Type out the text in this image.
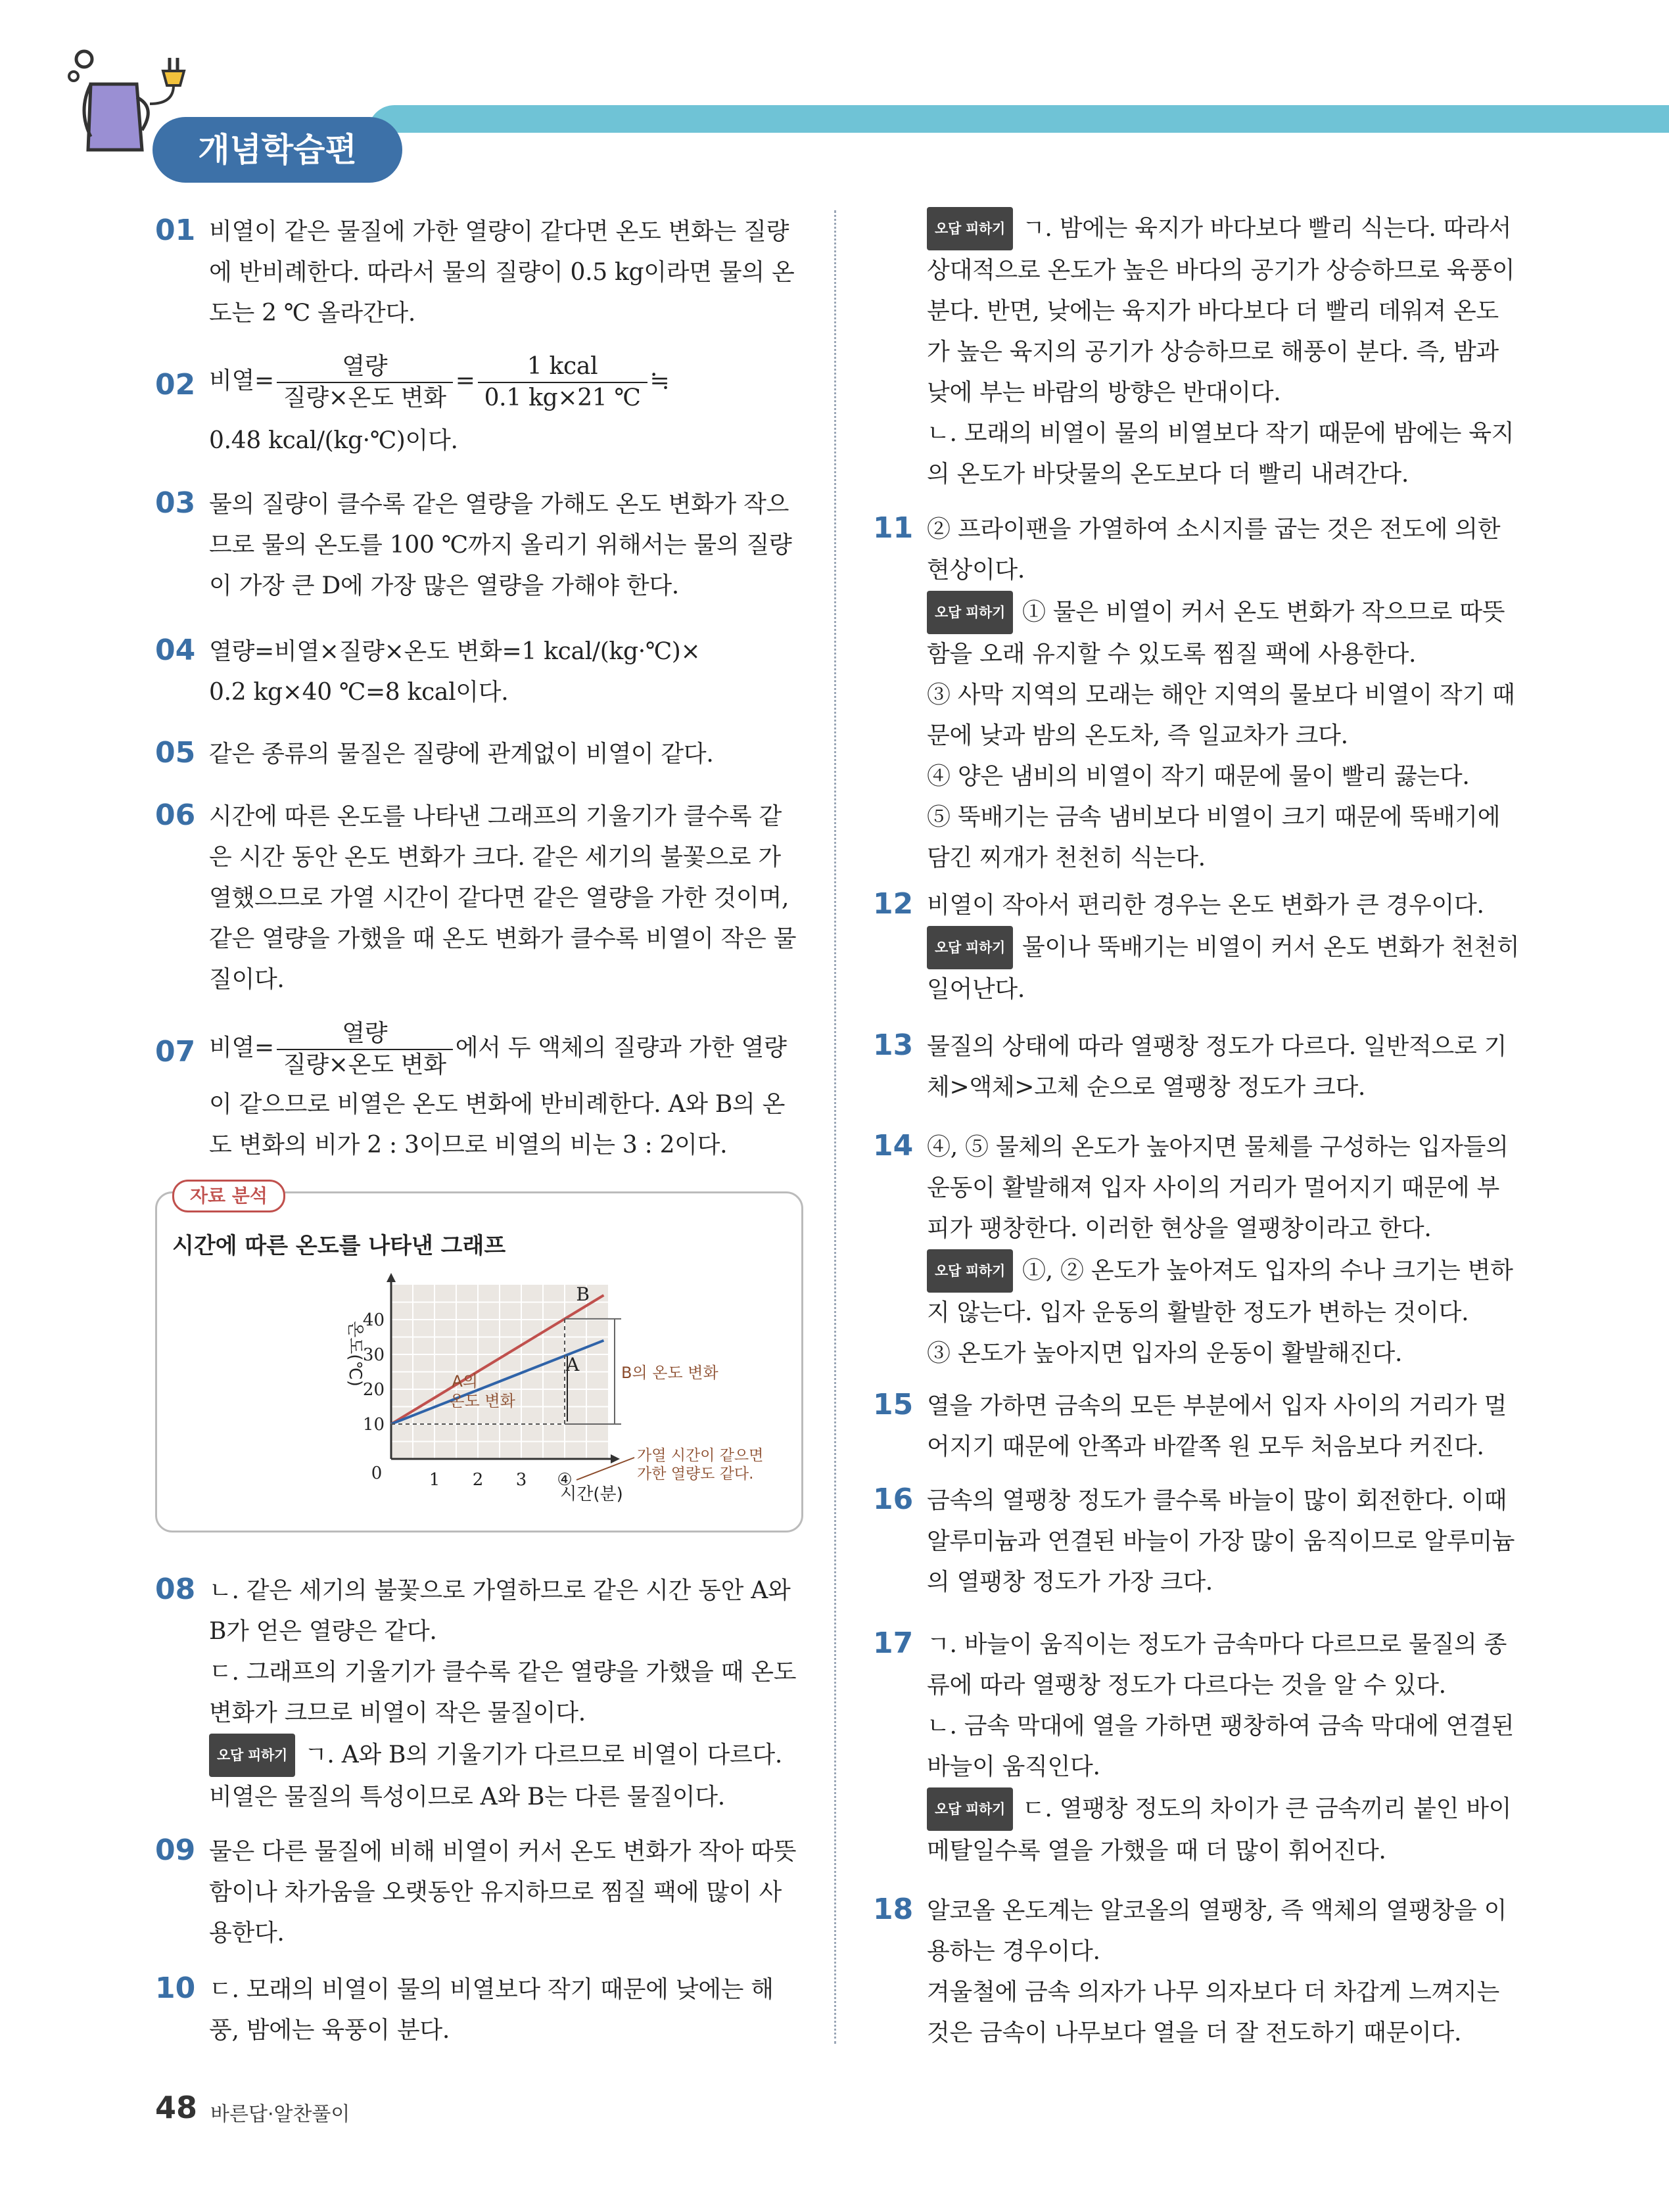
개념학습편
01 비열이 같은 물질에 가한 열량이 같다면 온도 변화는 질량
에 반비례한다. 따라서 물의 질량이 0.5 kg이라면 물의 온
도는 2 ℃ 올라간다.
02 비열= $\frac{\text{열량}}{\text{질량×온도 변화}} = \frac{\text{1 kcal}}{0.1 kg\times 21 ℃}$ ≒
0.48 kcal/(kg·℃)이다.
03 물의 질량이 클수록 같은 열량을 가해도 온도 변화가 작으
므로 물의 온도를 100 ℃까지 올리기 위해서는 물의 질량
이 가장 큰 D에 가장 많은 열량을 가해야 한다.
04 열량=비열×질량×온도 변화=1 kcal/(kg·℃)×
0.2 kg×40 ℃=8 kcal이다.
05 같은 종류의 물질은 질량에 관계없이 비열이 같다.
06 시간에 따른 온도를 나타낸 그래프의 기울기가 클수록 같
은 시간 동안 온도 변화가 크다. 같은 세기의 불꽃으로 가
열했으므로 가열 시간이 같다면 같은 열량을 가한 것이며,
같은 열량을 가했을 때 온도 변화가 클수록 비열이 작은 물
질이다.
07 비열= $\frac{\text{열량}}{\text{질량×온도 변화}}$ 에서 두 액체의 질량과 가한 열량
이 같으므로 비열은 온도 변화에 반비례한다. A와 B의 온
도 변화의 비가 2 : 3이므로 비열의 비는 3 : 2이다.
자료 분석
시간에 따른 온도를 나타낸 그래프
온도(℃)
10
20
30
40
0	1 2 3 ④
B
A	B의 온도 변화
A의
온도 변화
가열 시간이 같으면
가한 열량도 같다.
시간(분)
08 ㄴ. 같은 세기의 불꽃으로 가열하므로 같은 시간 동안 A와
B가 얻은 열량은 같다.
ㄷ. 그래프의 기울기가 클수록 같은 열량을 가했을 때 온도
변화가 크므로 비열이 작은 물질이다.
오답 피하기 ㄱ. A와 B의 기울기가 다르므로 비열이 다르다.
비열은 물질의 특성이므로 A와 B는 다른 물질이다.
09 물은 다른 물질에 비해 비열이 커서 온도 변화가 작아 따뜻
함이나 차가움을 오랫동안 유지하므로 찜질 팩에 많이 사
용한다.
10 ㄷ. 모래의 비열이 물의 비열보다 작기 때문에 낮에는 해
풍, 밤에는 육풍이 분다.
오답 피하기 ㄱ. 밤에는 육지가 바다보다 빨리 식는다. 따라서
상대적으로 온도가 높은 바다의 공기가 상승하므로 육풍이
분다. 반면, 낮에는 육지가 바다보다 더 빨리 데워져 온도
가 높은 육지의 공기가 상승하므로 해풍이 분다. 즉, 밤과
낮에 부는 바람의 방향은 반대이다.
ㄴ. 모래의 비열이 물의 비열보다 작기 때문에 밤에는 육지
의 온도가 바닷물의 온도보다 더 빨리 내려간다.
11 ② 프라이팬을 가열하여 소시지를 굽는 것은 전도에 의한
현상이다.
오답 피하기 ① 물은 비열이 커서 온도 변화가 작으므로 따뜻
함을 오래 유지할 수 있도록 찜질 팩에 사용한다.
③ 사막 지역의 모래는 해안 지역의 물보다 비열이 작기 때
문에 낮과 밤의 온도차, 즉 일교차가 크다.
④ 양은 냄비의 비열이 작기 때문에 물이 빨리 끓는다.
⑤ 뚝배기는 금속 냄비보다 비열이 크기 때문에 뚝배기에
담긴 찌개가 천천히 식는다.
12 비열이 작아서 편리한 경우는 온도 변화가 큰 경우이다.
오답 피하기 물이나 뚝배기는 비열이 커서 온도 변화가 천천히
일어난다.
13 물질의 상태에 따라 열팽창 정도가 다르다. 일반적으로 기
체>액체>고체 순으로 열팽창 정도가 크다.
14 ④, ⑤ 물체의 온도가 높아지면 물체를 구성하는 입자들의
운동이 활발해져 입자 사이의 거리가 멀어지기 때문에 부
피가 팽창한다. 이러한 현상을 열팽창이라고 한다.
오답 피하기 ①, ② 온도가 높아져도 입자의 수나 크기는 변하
지 않는다. 입자 운동의 활발한 정도가 변하는 것이다.
③ 온도가 높아지면 입자의 운동이 활발해진다.
15 열을 가하면 금속의 모든 부분에서 입자 사이의 거리가 멀
어지기 때문에 안쪽과 바깥쪽 원 모두 처음보다 커진다.
16 금속의 열팽창 정도가 클수록 바늘이 많이 회전한다. 이때
알루미늄과 연결된 바늘이 가장 많이 움직이므로 알루미늄
의 열팽창 정도가 가장 크다.
17 ㄱ. 바늘이 움직이는 정도가 금속마다 다르므로 물질의 종
류에 따라 열팽창 정도가 다르다는 것을 알 수 있다.
ㄴ. 금속 막대에 열을 가하면 팽창하여 금속 막대에 연결된
바늘이 움직인다.
오답 피하기 ㄷ. 열팽창 정도의 차이가 큰 금속끼리 붙인 바이
메탈일수록 열을 가했을 때 더 많이 휘어진다.
18 알코올 온도계는 알코올의 열팽창, 즉 액체의 열팽창을 이
용하는 경우이다.
겨울철에 금속 의자가 나무 의자보다 더 차갑게 느껴지는
것은 금속이 나무보다 열을 더 잘 전도하기 때문이다.
48 바른답·알찬풀이
